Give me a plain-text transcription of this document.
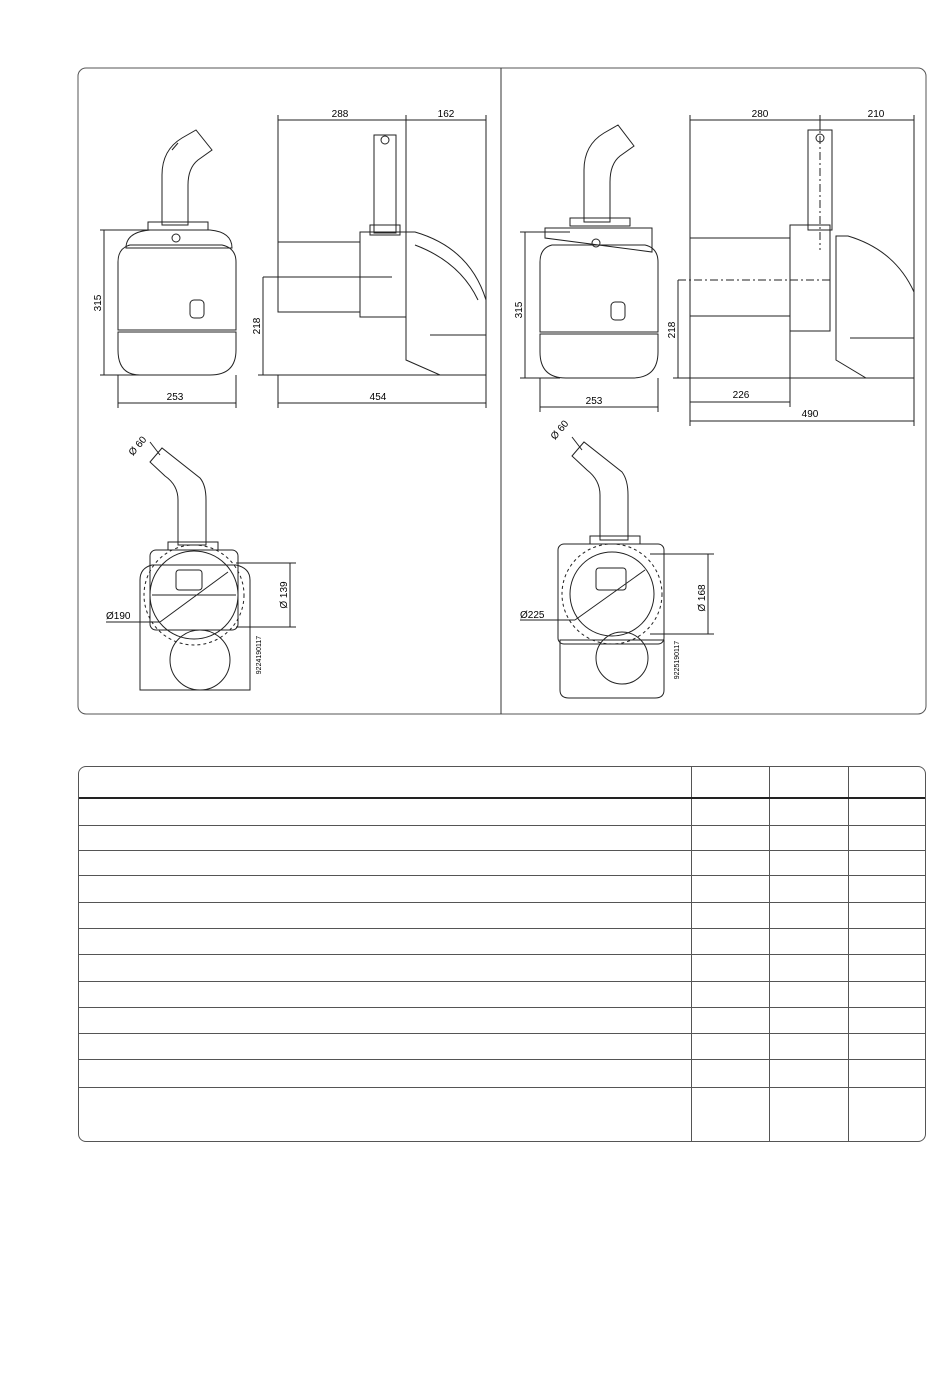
288	162
315
218
253	454
Ø 60
Ø190
Ø 139
9224190117
280	210
315
218
253
226
490
Ø 60
Ø225
Ø 168
9225190117
